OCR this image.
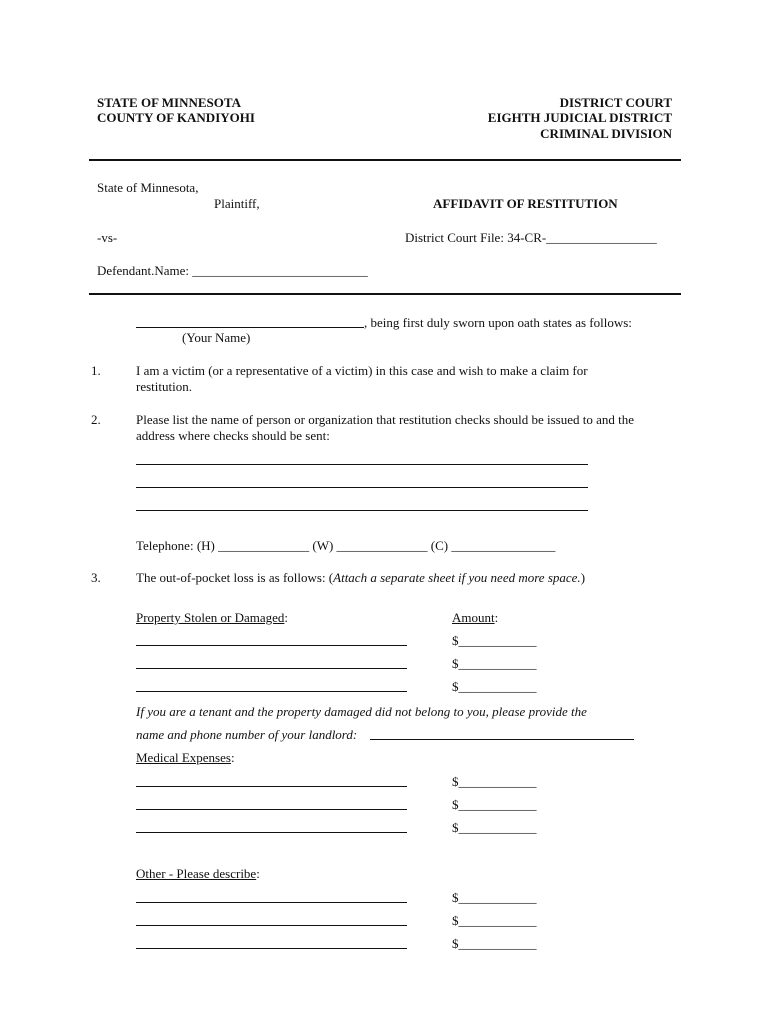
STATE OF MINNESOTA
COUNTY OF KANDIYOHI
DISTRICT COURT
EIGHTH JUDICIAL DISTRICT
CRIMINAL DIVISION
State of Minnesota,
Plaintiff,	AFFIDAVIT OF RESTITUTION
-vs-	District Court File: 34-CR-_________________
Defendant.Name: ___________________________
, being first duly sworn upon oath states as follows:
(Your Name)
1.	I am a victim (or a representative of a victim) in this case and wish to make a claim for
restitution.
2.	Please list the name of person or organization that restitution checks should be issued to and the
address where checks should be sent:
Telephone: (H) ______________ (W) ______________ (C) ________________
3.	The out-of-pocket loss is as follows: (Attach a separate sheet if you need more space.)
Property Stolen or Damaged:	Amount:
$____________
$____________
$____________
If you are a tenant and the property damaged did not belong to you, please provide the
name and phone number of your landlord:
Medical Expenses:
$____________
$____________
$____________
Other - Please describe:
$____________
$____________
$____________
